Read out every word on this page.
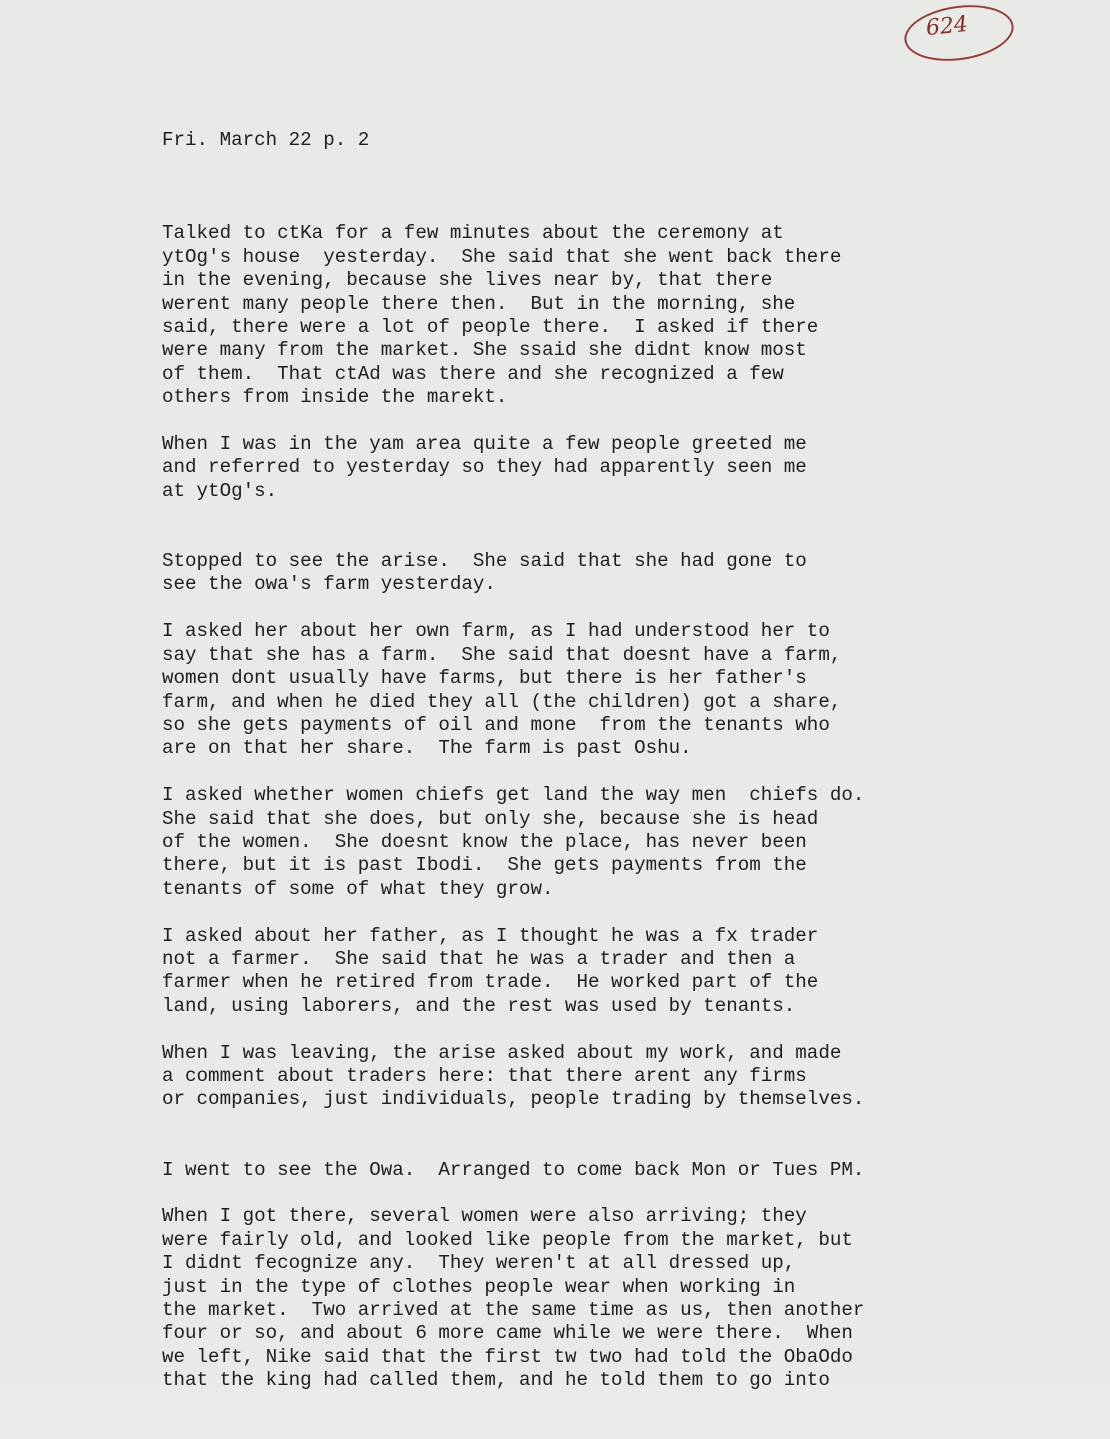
624

Fri. March 22 p. 2

Talked to ctKa for a few minutes about the ceremony at

ytOg's house  yesterday.  She said that she went back there

in the evening, because she lives near by, that there

werent many people there then.  But in the morning, she

said, there were a lot of people there.  I asked if there

were many from the market. She ssaid she didnt know most

of them.  That ctAd was there and she recognized a few

others from inside the marekt.

When I was in the yam area quite a few people greeted me

and referred to yesterday so they had apparently seen me

at ytOg's.

Stopped to see the arise.  She said that she had gone to

see the owa's farm yesterday.

I asked her about her own farm, as I had understood her to

say that she has a farm.  She said that doesnt have a farm,

women dont usually have farms, but there is her father's

farm, and when he died they all (the children) got a share,

so she gets payments of oil and mone  from the tenants who

are on that her share.  The farm is past Oshu.

I asked whether women chiefs get land the way men  chiefs do.

She said that she does, but only she, because she is head

of the women.  She doesnt know the place, has never been

there, but it is past Ibodi.  She gets payments from the

tenants of some of what they grow.

I asked about her father, as I thought he was a fx trader

not a farmer.  She said that he was a trader and then a

farmer when he retired from trade.  He worked part of the

land, using laborers, and the rest was used by tenants.

When I was leaving, the arise asked about my work, and made

a comment about traders here: that there arent any firms

or companies, just individuals, people trading by themselves.

I went to see the Owa.  Arranged to come back Mon or Tues PM.

When I got there, several women were also arriving; they

were fairly old, and looked like people from the market, but

I didnt fecognize any.  They weren't at all dressed up,

just in the type of clothes people wear when working in

the market.  Two arrived at the same time as us, then another

four or so, and about 6 more came while we were there.  When

we left, Nike said that the first tw two had told the ObaOdo

that the king had called them, and he told them to go into
